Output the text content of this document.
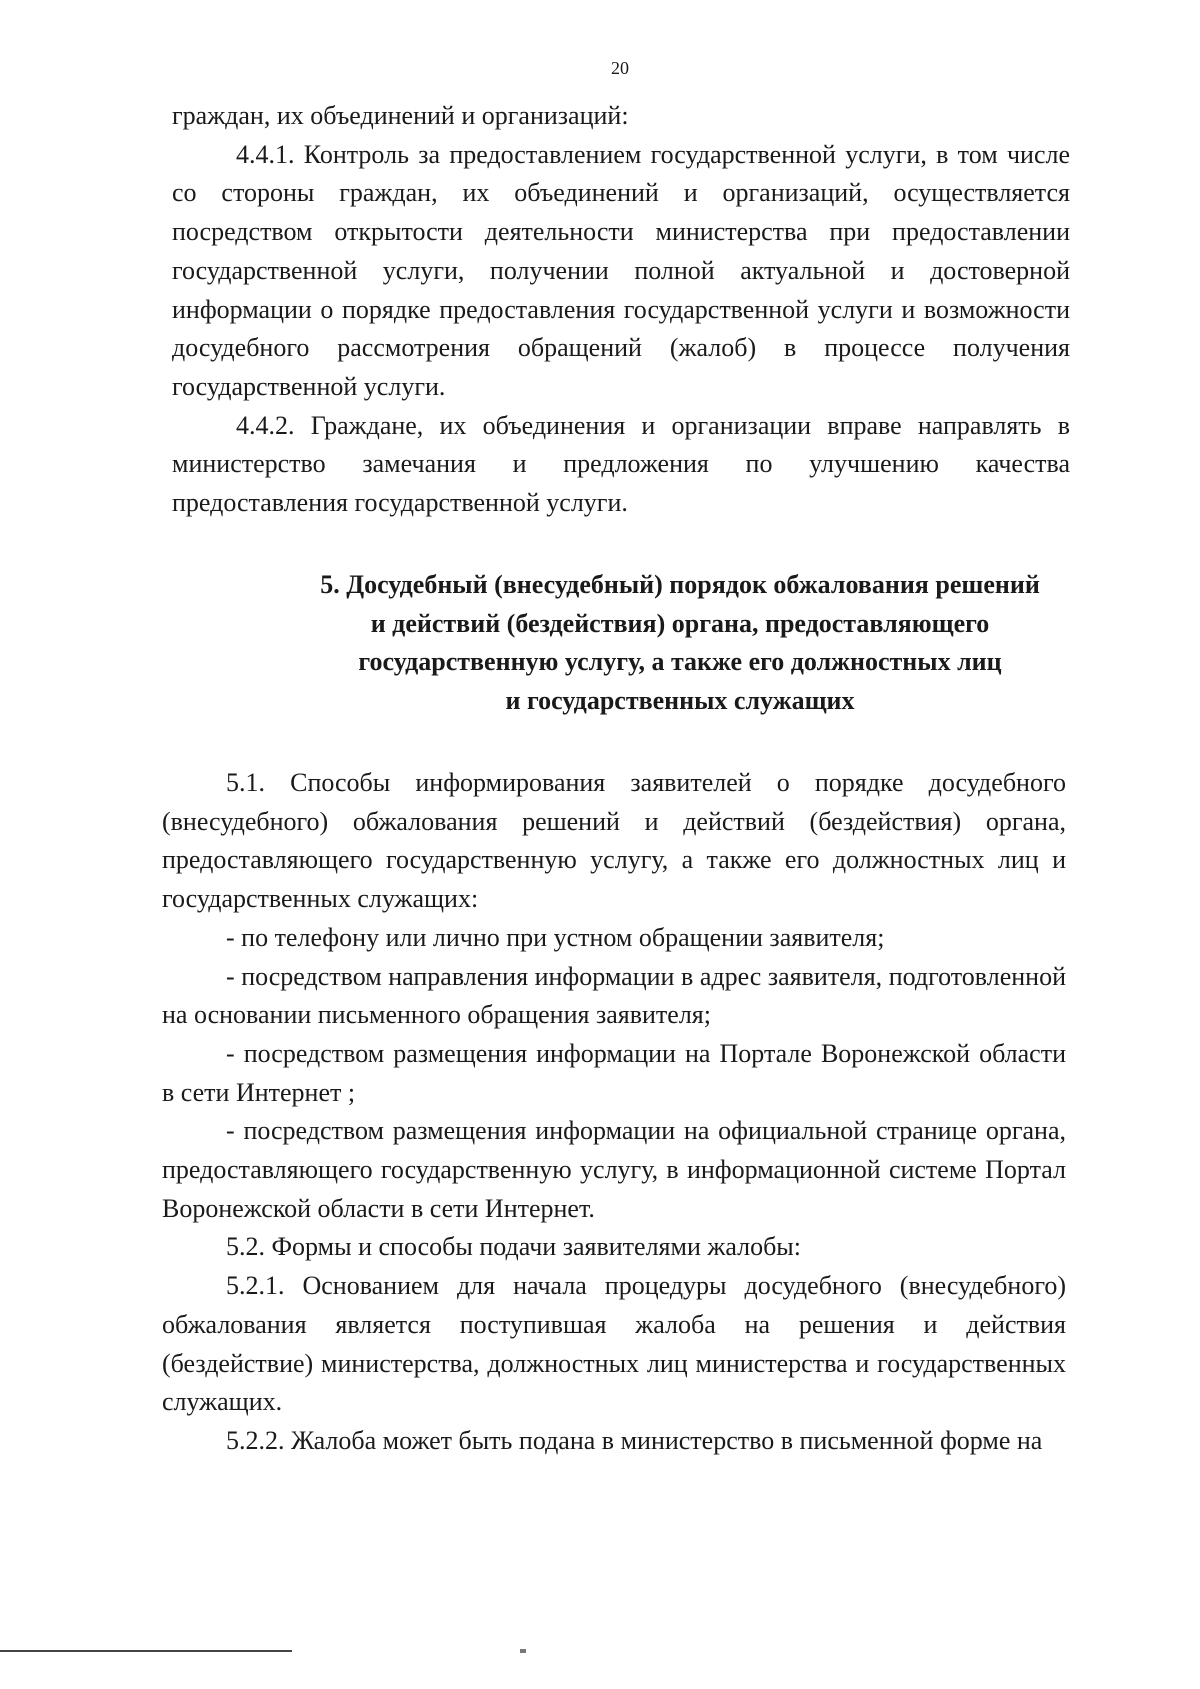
20

граждан, их объединений и организаций:

4.4.1. Контроль за предоставлением государственной услуги, в том числе со стороны граждан, их объединений и организаций, осуществляется посредством открытости деятельности министерства при предоставлении государственной услуги, получении полной актуальной и достоверной информации о порядке предоставления государственной услуги и возможности досудебного рассмотрения обращений (жалоб) в процессе получения государственной услуги.

4.4.2. Граждане, их объединения и организации вправе направлять в министерство замечания и предложения по улучшению качества предоставления государственной услуги.

5. Досудебный (внесудебный) порядок обжалования решений
и действий (бездействия) органа, предоставляющего
государственную услугу, а также его должностных лиц
и государственных служащих

5.1. Способы информирования заявителей о порядке досудебного (внесудебного) обжалования решений и действий (бездействия) органа, предоставляющего государственную услугу, а также его должностных лиц и государственных служащих:

- по телефону или лично при устном обращении заявителя;

- посредством направления информации в адрес заявителя, подготовленной на основании письменного обращения заявителя;

- посредством размещения информации на Портале Воронежской области в сети Интернет ;

- посредством размещения информации на официальной странице органа, предоставляющего государственную услугу, в информационной системе Портал Воронежской области в сети Интернет.

5.2. Формы и способы подачи заявителями жалобы:

5.2.1. Основанием для начала процедуры досудебного (внесудебного) обжалования является поступившая жалоба на решения и действия (бездействие) министерства, должностных лиц министерства и государственных служащих.

5.2.2. Жалоба может быть подана в министерство в письменной форме на
